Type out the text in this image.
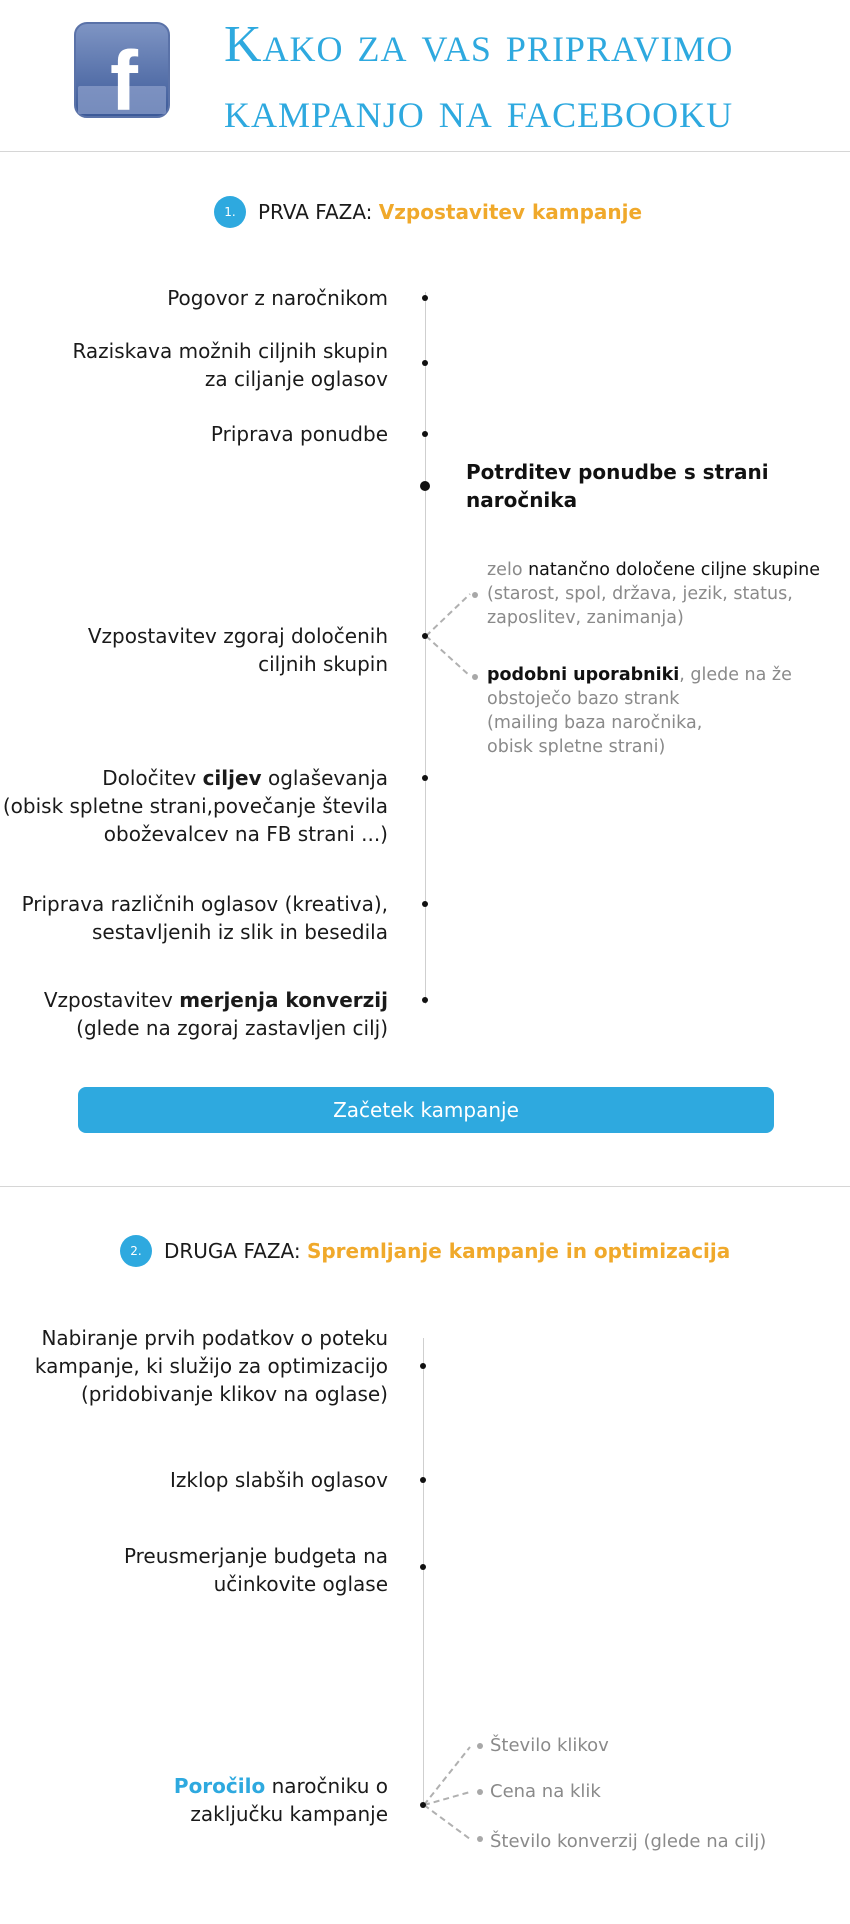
f Kako za vas pripravimo kampanjo na facebooku
1.	PRVA FAZA: Vzpostavitev kampanje
Pogovor z naročnikom
Raziskava možnih ciljnih skupin
za ciljanje oglasov
Priprava ponudbe
Potrditev ponudbe s strani
naročnika
Vzpostavitev zgoraj določenih
ciljnih skupin
zelo natančno določene ciljne skupine
(starost, spol, država, jezik, status,
zaposlitev, zanimanja)
podobni uporabniki, glede na že
obstoječo bazo strank
(mailing baza naročnika,
obisk spletne strani)
Določitev ciljev oglaševanja
(obisk spletne strani,povečanje števila
oboževalcev na FB strani ...)
Priprava različnih oglasov (kreativa),
sestavljenih iz slik in besedila
Vzpostavitev merjenja konverzij
(glede na zgoraj zastavljen cilj)
Začetek kampanje
2.	DRUGA FAZA: Spremljanje kampanje in optimizacija
Nabiranje prvih podatkov o poteku
kampanje, ki služijo za optimizacijo
(pridobivanje klikov na oglase)
Izklop slabših oglasov
Preusmerjanje budgeta na
učinkovite oglase
Poročilo naročniku o
zaključku kampanje
Število klikov
Cena na klik
Število konverzij (glede na cilj)
